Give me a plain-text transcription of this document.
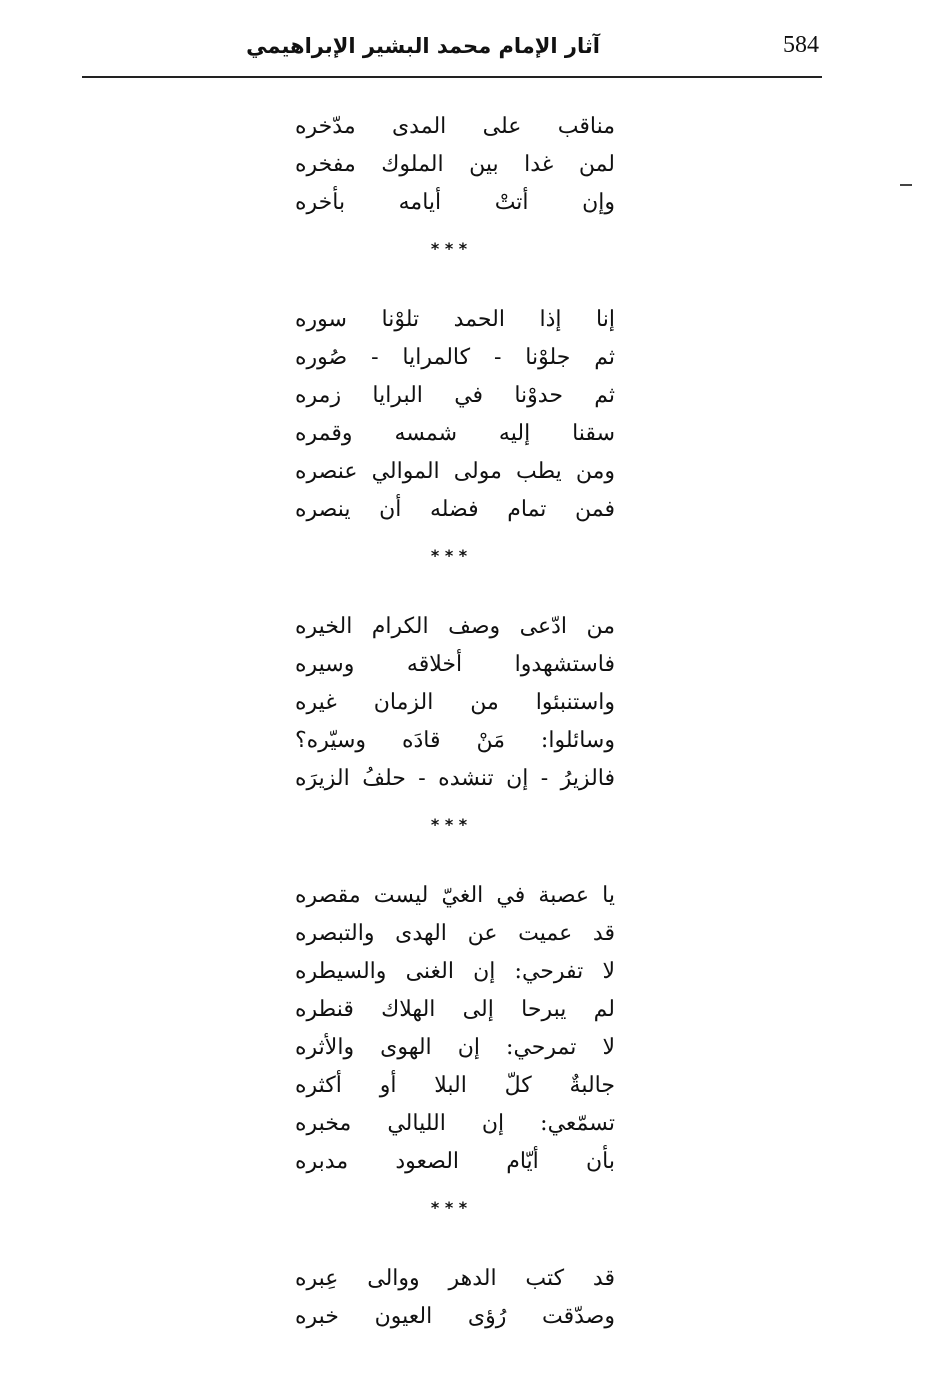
584
آثار الإمام محمد البشير الإبراهيمي
مناقب على المدى مدّخره
لمن غدا بين الملوك مفخره
وإن أتتْ أيامه بأخره
* * *
إنا إذا الحمد تلوْنا سوره
ثم جلوْنا - كالمرايا - صُوره
ثم حدوْنا في البرايا زمره
سقنا إليه شمسه وقمره
ومن يطب مولى الموالي عنصره
فمن تمام فضله أن ينصره
* * *
من ادّعى وصف الكرام الخيره
فاستشهدوا أخلاقه وسيره
واستنبئوا من الزمان غيره
وسائلوا: مَنْ قادَه وسيّره؟
فالزيرُ - إن تنشده - حلفُ الزيرَه
* * *
يا عصبة في الغيّ ليست مقصره
قد عميت عن الهدى والتبصره
لا تفرحي: إن الغنى والسيطره
لم يبرحا إلى الهلاك قنطره
لا تمرحي: إن الهوى والأثره
جالبةٌ كلّ البلا أو أكثره
تسمّعي: إن الليالي مخبره
بأن أيّام الصعود مدبره
* * *
قد كتب الدهر ووالى عِبره
وصدّقت رُؤى العيون خبره
